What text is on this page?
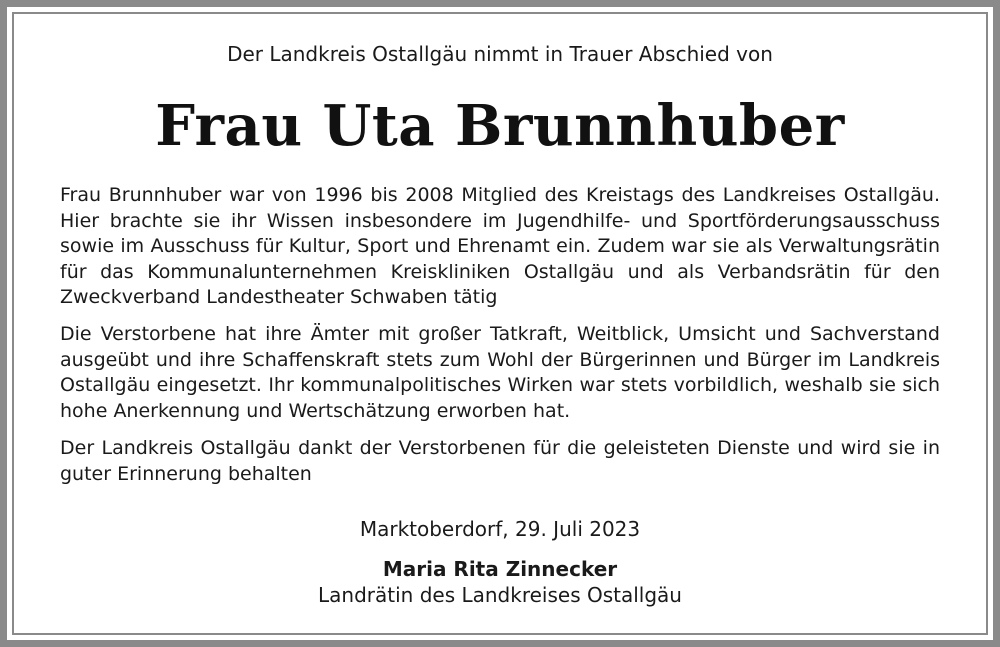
Der Landkreis Ostallgäu nimmt in Trauer Abschied von
Frau Uta Brunnhuber

Frau Brunnhuber war von 1996 bis 2008 Mitglied des Kreistags des Landkreises Ostallgäu. Hier brachte sie ihr Wissen insbesondere im Jugendhilfe- und Sportförderungsausschuss sowie im Ausschuss für Kultur, Sport und Ehrenamt ein. Zudem war sie als Verwaltungsrätin für das Kommunalunternehmen Kreiskliniken Ostallgäu und als Verbandsrätin für den Zweckverband Landestheater Schwaben tätig

Die Verstorbene hat ihre Ämter mit großer Tatkraft, Weitblick, Umsicht und Sachverstand ausgeübt und ihre Schaffenskraft stets zum Wohl der Bürgerinnen und Bürger im Landkreis Ostallgäu eingesetzt. Ihr kommunalpolitisches Wirken war stets vorbildlich, weshalb sie sich hohe Anerkennung und Wertschätzung erworben hat.

Der Landkreis Ostallgäu dankt der Verstorbenen für die geleisteten Dienste und wird sie in guter Erinnerung behalten

Marktoberdorf, 29. Juli 2023
Maria Rita Zinnecker
Landrätin des Landkreises Ostallgäu
